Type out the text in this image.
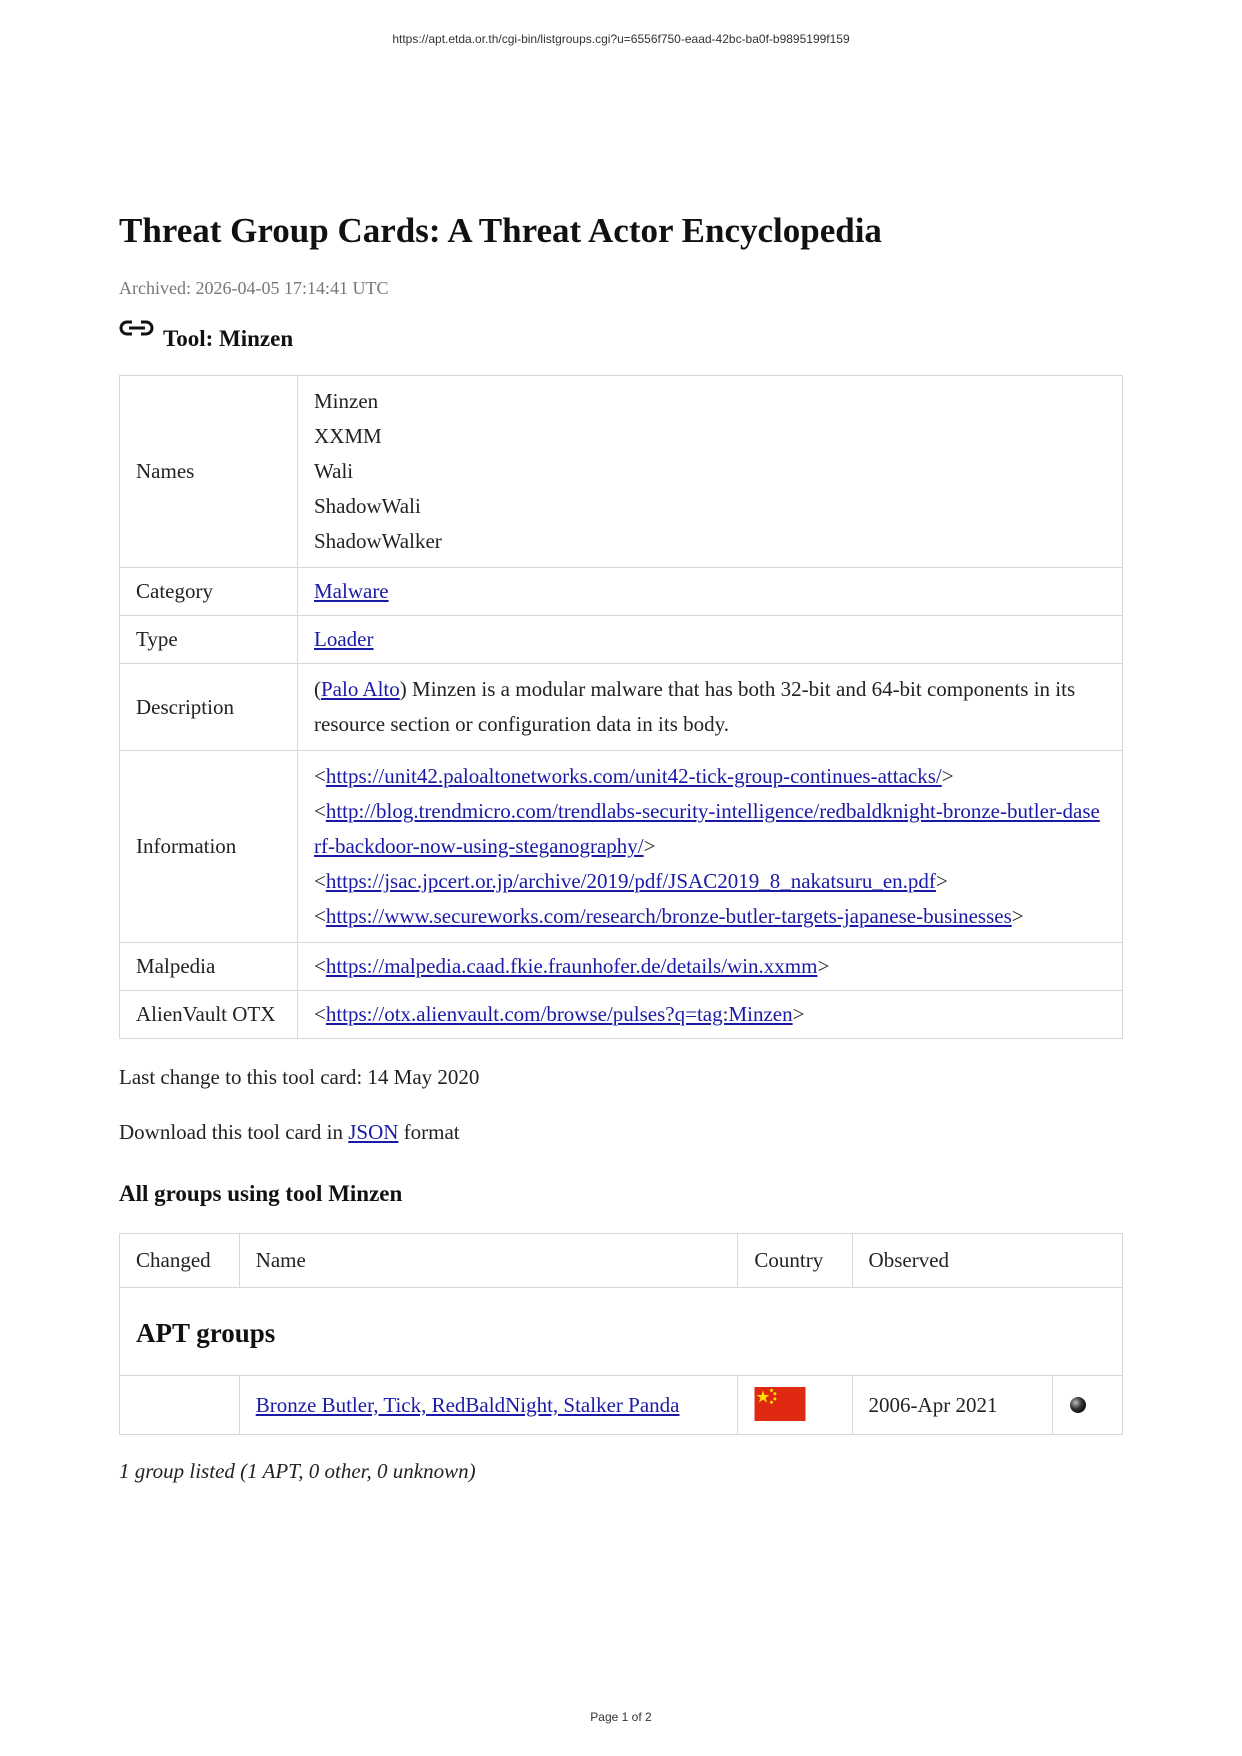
https://apt.etda.or.th/cgi-bin/listgroups.cgi?u=6556f750-eaad-42bc-ba0f-b9895199f159
Threat Group Cards: A Threat Actor Encyclopedia
Archived: 2026-04-05 17:14:41 UTC
Tool: Minzen
Names	Minzen
XXMM
Wali
ShadowWali
ShadowWalker

Category	Malware
Type	Loader
Description	(Palo Alto) Minzen is a modular malware that has both 32-bit and 64-bit components in its resource section or configuration data in its body.
Information	<https://unit42.paloaltonetworks.com/unit42-tick-group-continues-attacks/>
<http://blog.trendmicro.com/trendlabs-security-intelligence/redbaldknight-bronze-butler-daserf-backdoor-now-using-steganography/>
<https://jsac.jpcert.or.jp/archive/2019/pdf/JSAC2019_8_nakatsuru_en.pdf>
<https://www.secureworks.com/research/bronze-butler-targets-japanese-businesses>

Malpedia	<https://malpedia.caad.fkie.fraunhofer.de/details/win.xxmm>
AlienVault OTX	<https://otx.alienvault.com/browse/pulses?q=tag:Minzen>

Last change to this tool card: 14 May 2020

Download this tool card in JSON format

All groups using tool Minzen
Changed	Name	Country	Observed	
APT groups				
	Bronze Butler, Tick, RedBaldNight, Stalker Panda		2006-Apr 2021	
1 group listed (1 APT, 0 other, 0 unknown)
Page 1 of 2
